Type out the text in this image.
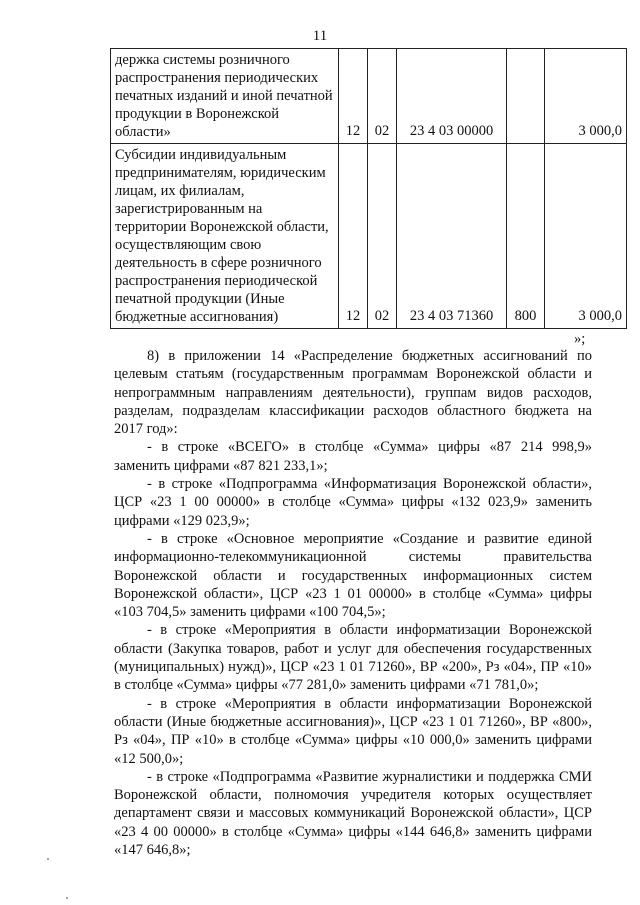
11
держка системы розничного распространения периодических печатных изданий и иной печатной продукции в Воронежской области»	12	02	23 4 03 00000		3 000,0
Субсидии индивидуальным предпринимателям, юридическим лицам, их филиалам, зарегистрированным на территории Воронежской области, осуществляющим свою деятельность в сфере розничного распространения периодической печатной продукции (Иные бюджетные ассигнования)	12	02	23 4 03 71360	800	3 000,0
»;

8) в приложении 14 «Распределение бюджетных ассигнований по целевым статьям (государственным программам Воронежской области и непрограммным направлениям деятельности), группам видов расходов, разделам, подразделам классификации расходов областного бюджета на 2017 год»:

- в строке «ВСЕГО» в столбце «Сумма» цифры «87 214 998,9» заменить цифрами «87 821 233,1»;

- в строке «Подпрограмма «Информатизация Воронежской области», ЦСР «23 1 00 00000» в столбце «Сумма» цифры «132 023,9» заменить цифрами «129 023,9»;

- в строке «Основное мероприятие «Создание и развитие единой информационно-телекоммуникационной системы правительства Воронежской области и государственных информационных систем Воронежской области», ЦСР «23 1 01 00000» в столбце «Сумма» цифры «103 704,5» заменить цифрами «100 704,5»;

- в строке «Мероприятия в области информатизации Воронежской области (Закупка товаров, работ и услуг для обеспечения государственных (муниципальных) нужд)», ЦСР «23 1 01 71260», ВР «200», Рз «04», ПР «10» в столбце «Сумма» цифры «77 281,0» заменить цифрами «71 781,0»;

- в строке «Мероприятия в области информатизации Воронежской области (Иные бюджетные ассигнования)», ЦСР «23 1 01 71260», ВР «800», Рз «04», ПР «10» в столбце «Сумма» цифры «10 000,0» заменить цифрами «12 500,0»;

- в строке «Подпрограмма «Развитие журналистики и поддержка СМИ Воронежской области, полномочия учредителя которых осуществляет департамент связи и массовых коммуникаций Воронежской области», ЦСР «23 4 00 00000» в столбце «Сумма» цифры «144 646,8» заменить цифрами «147 646,8»;
